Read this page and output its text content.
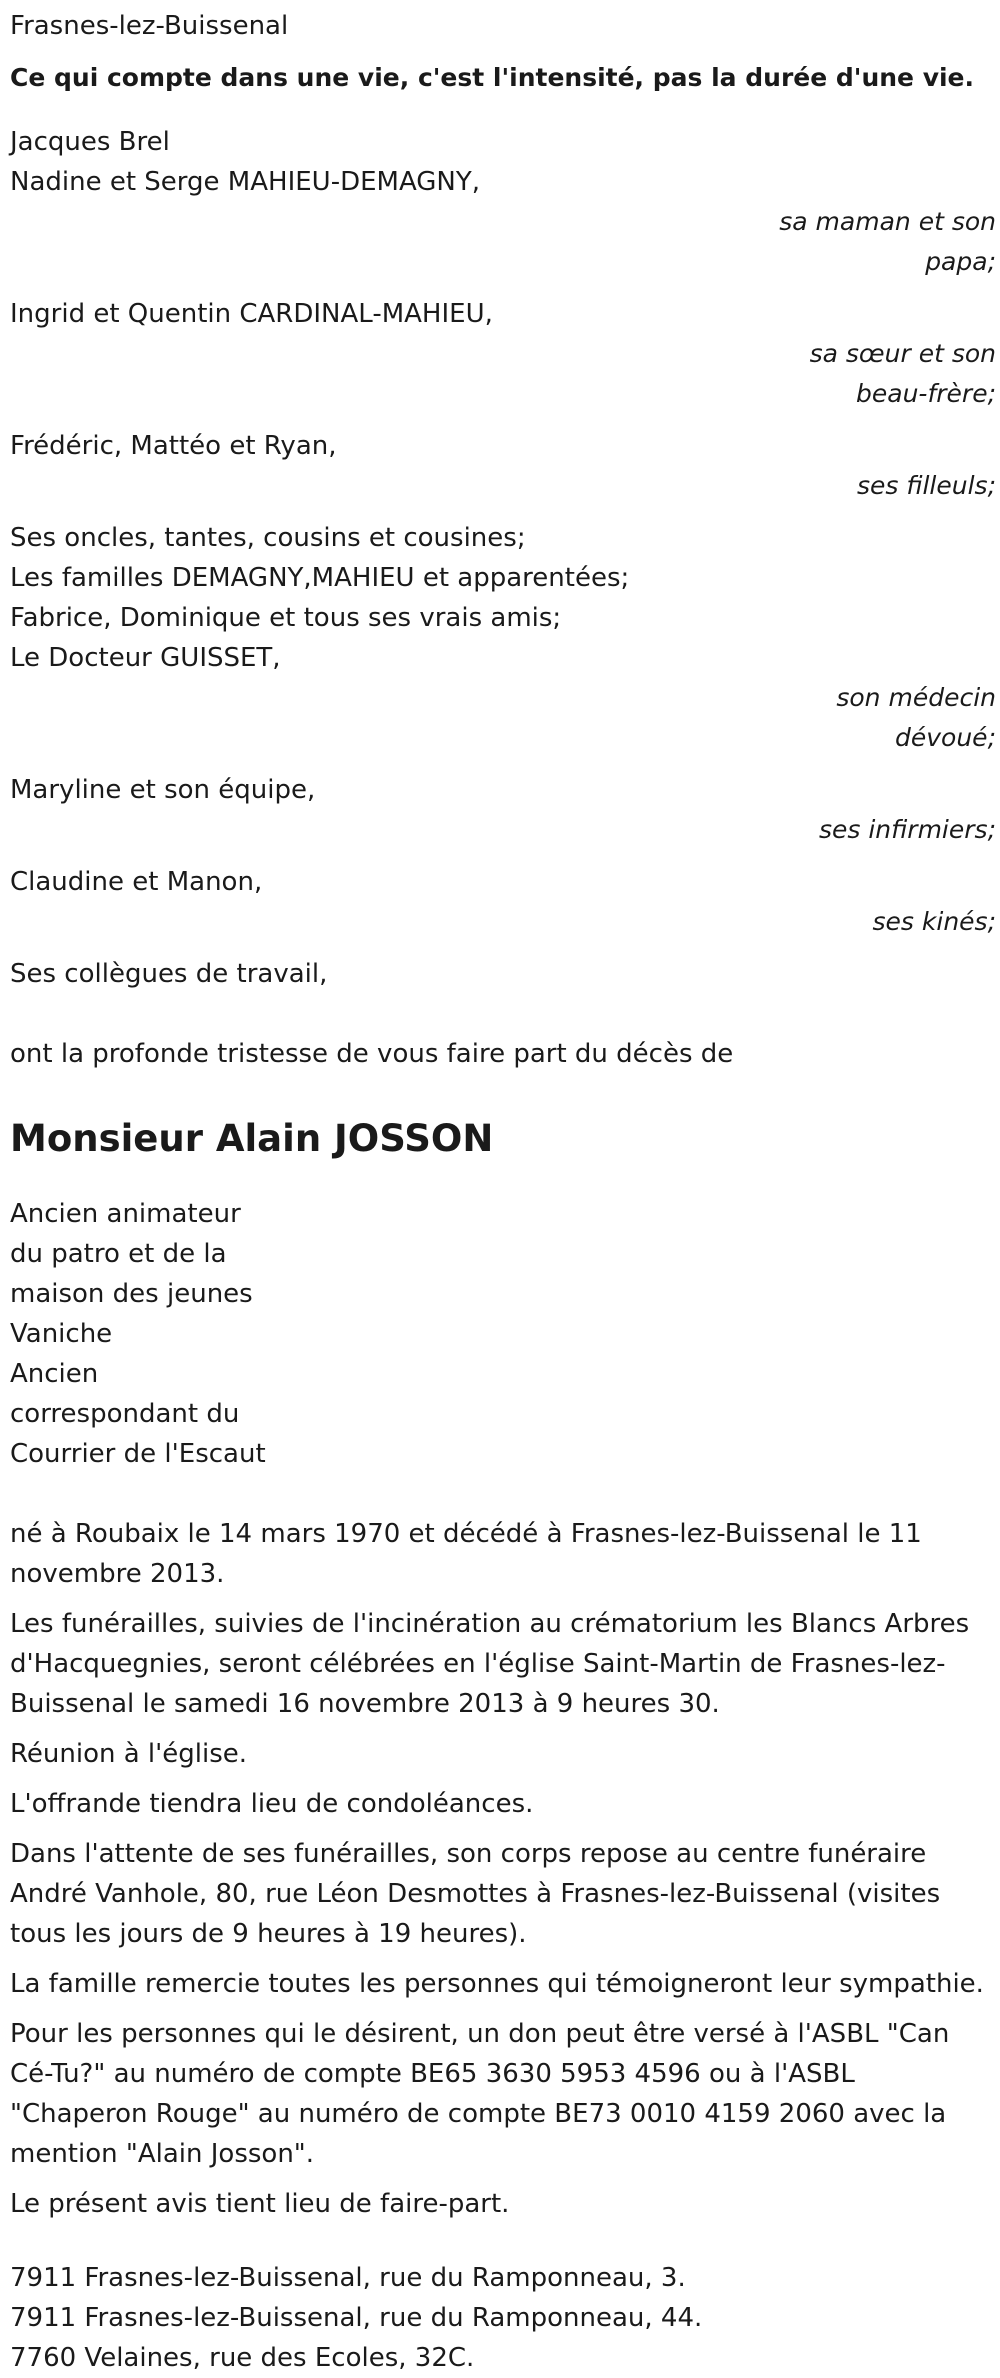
Frasnes-lez-Buissenal
Ce qui compte dans une vie, c'est l'intensité, pas la durée d'une vie.
Jacques Brel
Nadine et Serge MAHIEU-DEMAGNY,
sa maman et son papa;
Ingrid et Quentin CARDINAL-MAHIEU,
sa sœur et son beau-frère;
Frédéric, Mattéo et Ryan,
ses filleuls;
Ses oncles, tantes, cousins et cousines;
Les familles DEMAGNY,MAHIEU et apparentées;
Fabrice, Dominique et tous ses vrais amis;
Le Docteur GUISSET,
son médecin dévoué;
Maryline et son équipe,
ses infirmiers;
Claudine et Manon,
ses kinés;
Ses collègues de travail,
ont la profonde tristesse de vous faire part du décès de
Monsieur Alain JOSSON
Ancien animateur
du patro et de la
maison des jeunes
Vaniche
Ancien
correspondant du
Courrier de l'Escaut
né à Roubaix le 14 mars 1970 et décédé à Frasnes-lez-Buissenal le 11 novembre 2013.
Les funérailles, suivies de l'incinération au crématorium les Blancs Arbres d'Hacquegnies, seront célébrées en l'église Saint-Martin de Frasnes-lez-Buissenal le samedi 16 novembre 2013 à 9 heures 30.
Réunion à l'église.
L'offrande tiendra lieu de condoléances.
Dans l'attente de ses funérailles, son corps repose au centre funéraire André Vanhole, 80, rue Léon Desmottes à Frasnes-lez-Buissenal (visites tous les jours de 9 heures à 19 heures).
La famille remercie toutes les personnes qui témoigneront leur sympathie.
Pour les personnes qui le désirent, un don peut être versé à l'ASBL "Can Cé-Tu?" au numéro de compte BE65 3630 5953 4596 ou à l'ASBL "Chaperon Rouge" au numéro de compte BE73 0010 4159 2060 avec la mention "Alain Josson".
Le présent avis tient lieu de faire-part.
7911 Frasnes-lez-Buissenal, rue du Ramponneau, 3.
7911 Frasnes-lez-Buissenal, rue du Ramponneau, 44.
7760 Velaines, rue des Ecoles, 32C.
